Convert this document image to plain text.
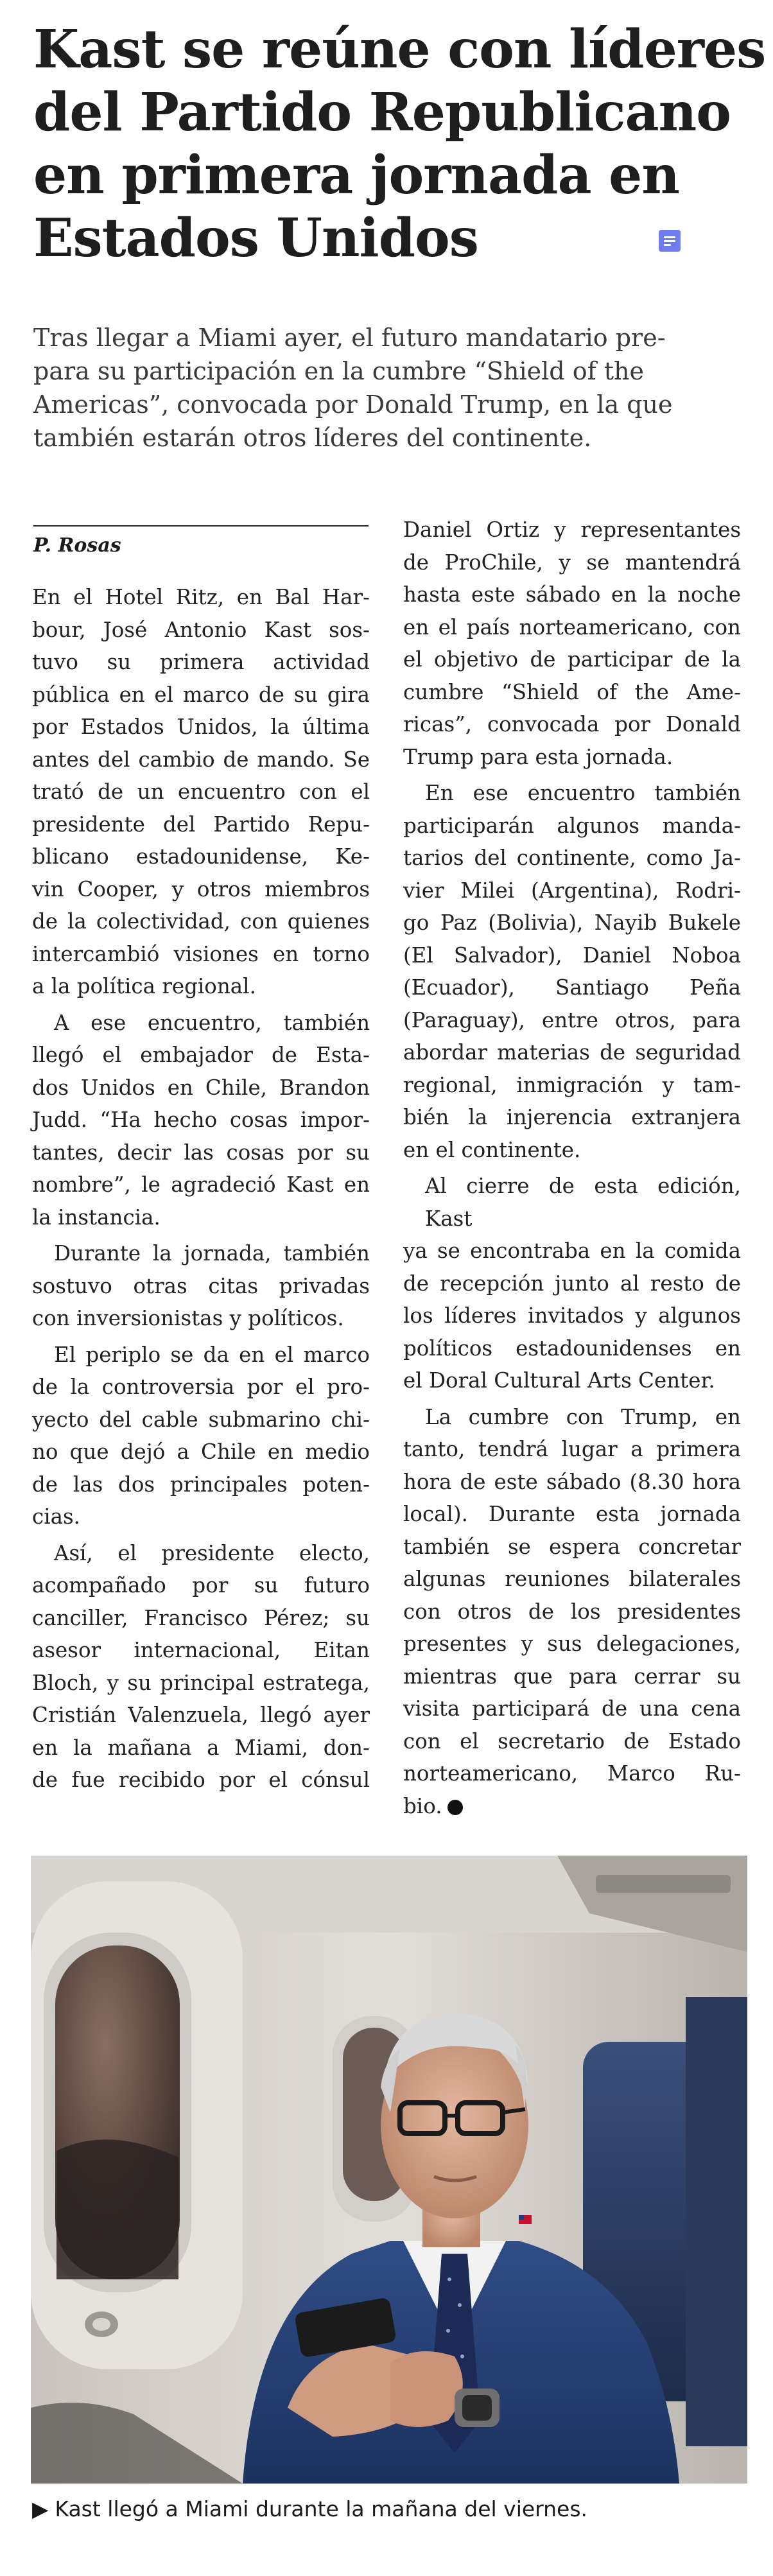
Kast se reúne con líderes
del Partido Republicano
en primera jornada en
Estados Unidos

Tras llegar a Miami ayer, el futuro mandatario pre-
para su participación en la cumbre “Shield of the
Americas”, convocada por Donald Trump, en la que
también estarán otros líderes del continente.

P. Rosas
En el Hotel Ritz, en Bal Har-
bour, José Antonio Kast sos-
tuvo su primera actividad
pública en el marco de su gira
por Estados Unidos, la última
antes del cambio de mando. Se
trató de un encuentro con el
presidente del Partido Repu-
blicano estadounidense, Ke-
vin Cooper, y otros miembros
de la colectividad, con quienes
intercambió visiones en torno
a la política regional.
A ese encuentro, también
llegó el embajador de Esta-
dos Unidos en Chile, Brandon
Judd. “Ha hecho cosas impor-
tantes, decir las cosas por su
nombre”, le agradeció Kast en
la instancia.
Durante la jornada, también
sostuvo otras citas privadas
con inversionistas y políticos.
El periplo se da en el marco
de la controversia por el pro-
yecto del cable submarino chi-
no que dejó a Chile en medio
de las dos principales poten-
cias.
Así, el presidente electo,
acompañado por su futuro
canciller, Francisco Pérez; su
asesor internacional, Eitan
Bloch, y su principal estratega,
Cristián Valenzuela, llegó ayer
en la mañana a Miami, don-
de fue recibido por el cónsul
Daniel Ortiz y representantes
de ProChile, y se mantendrá
hasta este sábado en la noche
en el país norteamericano, con
el objetivo de participar de la
cumbre “Shield of the Ame-
ricas”, convocada por Donald
Trump para esta jornada.
En ese encuentro también
participarán algunos manda-
tarios del continente, como Ja-
vier Milei (Argentina), Rodri-
go Paz (Bolivia), Nayib Bukele
(El Salvador), Daniel Noboa
(Ecuador), Santiago Peña
(Paraguay), entre otros, para
abordar materias de seguridad
regional, inmigración y tam-
bién la injerencia extranjera
en el continente.
Al cierre de esta edición, Kast
ya se encontraba en la comida
de recepción junto al resto de
los líderes invitados y algunos
políticos estadounidenses en
el Doral Cultural Arts Center.
La cumbre con Trump, en
tanto, tendrá lugar a primera
hora de este sábado (8.30 hora
local). Durante esta jornada
también se espera concretar
algunas reuniones bilaterales
con otros de los presidentes
presentes y sus delegaciones,
mientras que para cerrar su
visita participará de una cena
con el secretario de Estado
norteamericano, Marco Ru-
bio.
▶ Kast llegó a Miami durante la mañana del viernes.
